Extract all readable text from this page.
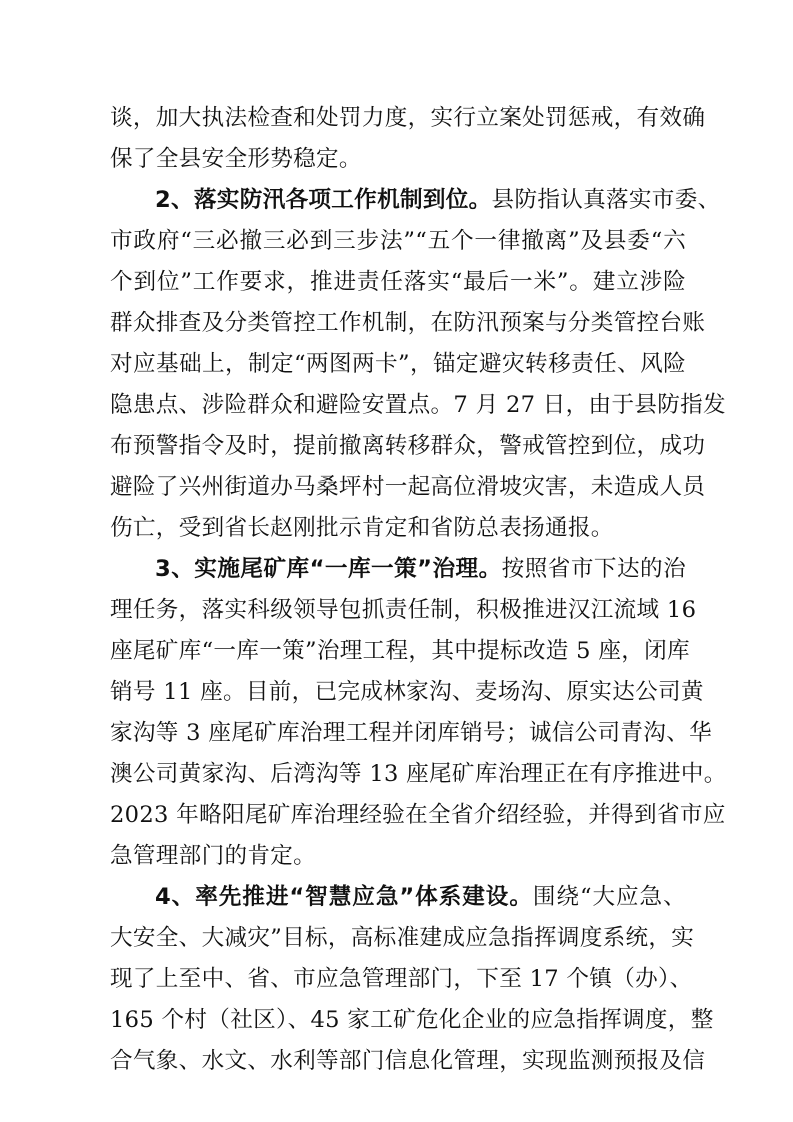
谈，加大执法检查和处罚力度，实行立案处罚惩戒，有效确
保了全县安全形势稳定。
2、落实防汛各项工作机制到位。县防指认真落实市委、
市政府“三必撤三必到三步法”“五个一律撤离”及县委“六
个到位”工作要求，推进责任落实“最后一米”。建立涉险
群众排查及分类管控工作机制，在防汛预案与分类管控台账
对应基础上，制定“两图两卡”，锚定避灾转移责任、风险
隐患点、涉险群众和避险安置点。7 月 27 日，由于县防指发
布预警指令及时，提前撤离转移群众，警戒管控到位，成功
避险了兴州街道办马桑坪村一起高位滑坡灾害，未造成人员
伤亡，受到省长赵刚批示肯定和省防总表扬通报。
3、实施尾矿库“一库一策”治理。按照省市下达的治
理任务，落实科级领导包抓责任制，积极推进汉江流域 16
座尾矿库“一库一策”治理工程，其中提标改造 5 座，闭库
销号 11 座。目前，已完成林家沟、麦场沟、原实达公司黄
家沟等 3 座尾矿库治理工程并闭库销号；诚信公司青沟、华
澳公司黄家沟、后湾沟等 13 座尾矿库治理正在有序推进中。
2023 年略阳尾矿库治理经验在全省介绍经验，并得到省市应
急管理部门的肯定。
4、率先推进“智慧应急”体系建设。围绕“大应急、
大安全、大减灾”目标，高标准建成应急指挥调度系统，实
现了上至中、省、市应急管理部门，下至 17 个镇（办）、
165 个村（社区）、45 家工矿危化企业的应急指挥调度，整
合气象、水文、水利等部门信息化管理，实现监测预报及信
